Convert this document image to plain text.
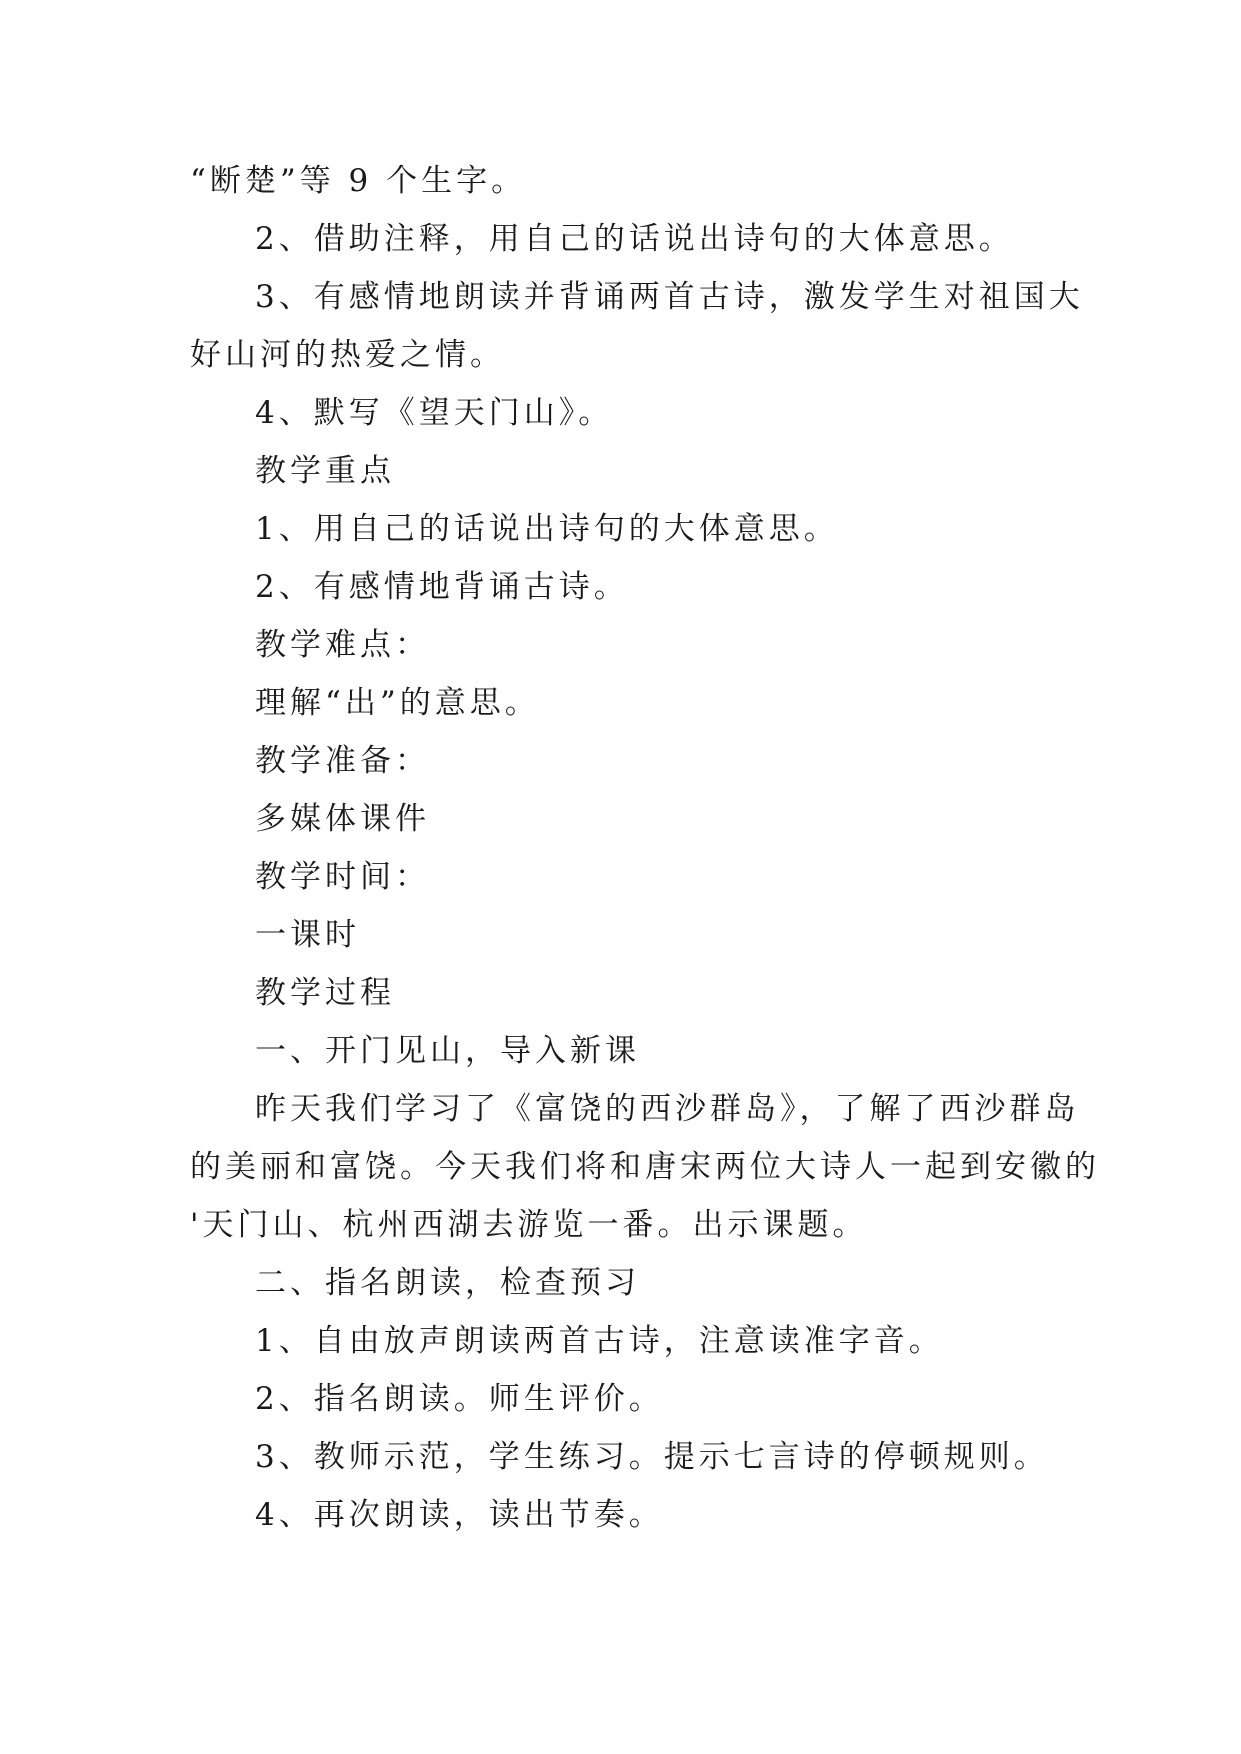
“断楚”等 9 个生字。
2、借助注释，用自己的话说出诗句的大体意思。
3、有感情地朗读并背诵两首古诗，激发学生对祖国大
好山河的热爱之情。
4、默写《望天门山》。
教学重点
1、用自己的话说出诗句的大体意思。
2、有感情地背诵古诗。
教学难点：
理解“出”的意思。
教学准备：
多媒体课件
教学时间：
一课时
教学过程
一、开门见山，导入新课
昨天我们学习了《富饶的西沙群岛》，了解了西沙群岛
的美丽和富饶。今天我们将和唐宋两位大诗人一起到安徽的
'天门山、杭州西湖去游览一番。出示课题。
二、指名朗读，检查预习
1、自由放声朗读两首古诗，注意读准字音。
2、指名朗读。师生评价。
3、教师示范，学生练习。提示七言诗的停顿规则。
4、再次朗读，读出节奏。
